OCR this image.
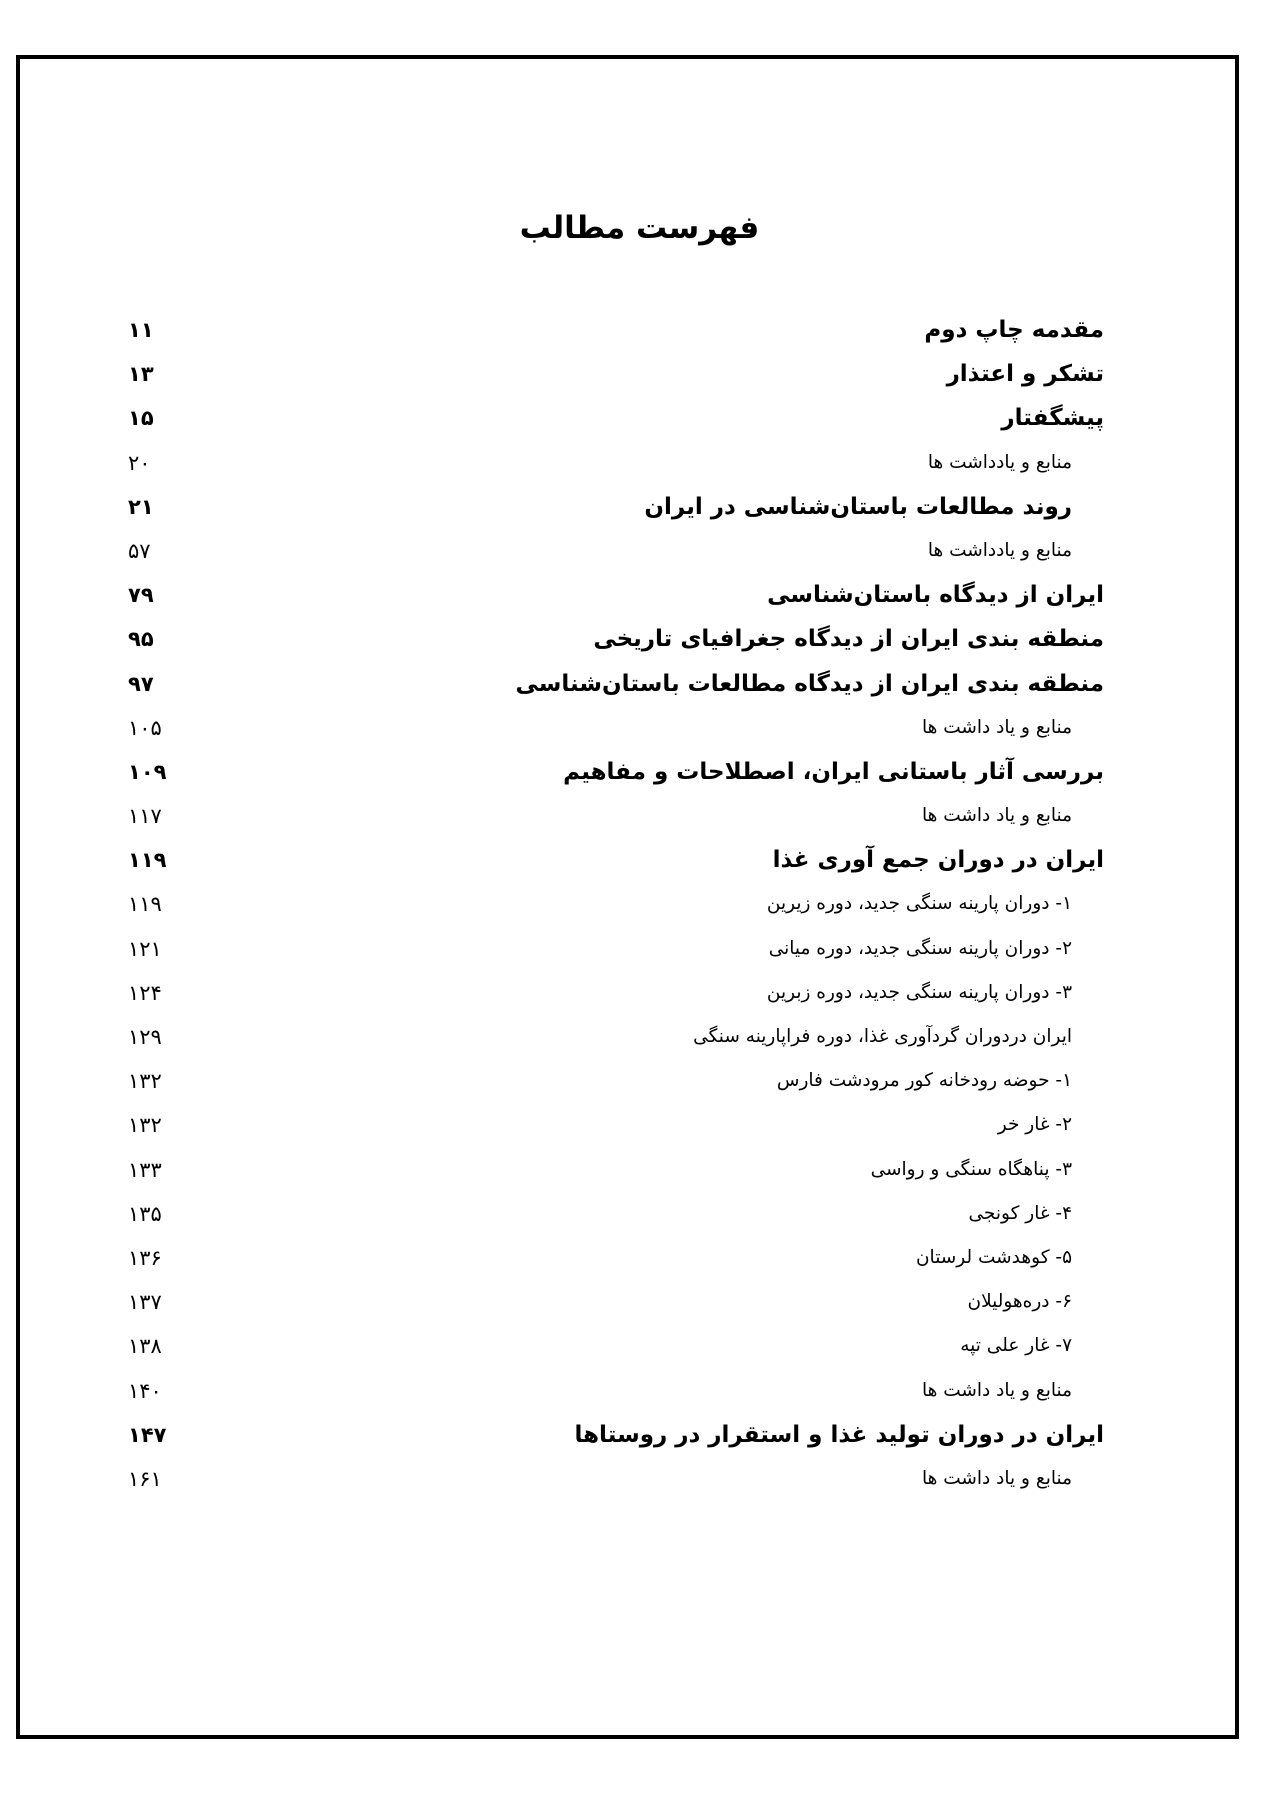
فهرست مطالب
مقدمه چاپ دوم
۱۱
تشکر و اعتذار
۱۳
پیشگفتار
۱۵
منابع و یادداشت ها
۲۰
روند مطالعات باستان‌شناسی در ایران
۲۱
منابع و یادداشت ها
۵۷
ایران از دیدگاه باستان‌شناسی
۷۹
منطقه بندی ایران از دیدگاه جغرافیای تاریخی
۹۵
منطقه بندی ایران از دیدگاه مطالعات باستان‌شناسی
۹۷
منابع و یاد داشت ها
۱۰۵
بررسی آثار باستانی ایران، اصطلاحات و مفاهیم
۱۰۹
منابع و یاد داشت ها
۱۱۷
ایران در دوران جمع آوری غذا
۱۱۹
۱- دوران پارینه سنگی جدید، دوره زیرین
۱۱۹
۲- دوران پارینه سنگی جدید، دوره میانی
۱۲۱
۳- دوران پارینه سنگی جدید، دوره زبرین
۱۲۴
ایران دردوران گردآوری غذا، دوره فراپارینه سنگی
۱۲۹
۱- حوضه رودخانه کور مرودشت فارس
۱۳۲
۲- غار خر
۱۳۲
۳- پناهگاه سنگی و رواسی
۱۳۳
۴- غار کونجی
۱۳۵
۵- کوهدشت لرستان
۱۳۶
۶- دره‌هولیلان
۱۳۷
۷- غار علی تپه
۱۳۸
منابع و یاد داشت ها
۱۴۰
ایران در دوران تولید غذا و استقرار در روستاها
۱۴۷
منابع و یاد داشت ها
۱۶۱
